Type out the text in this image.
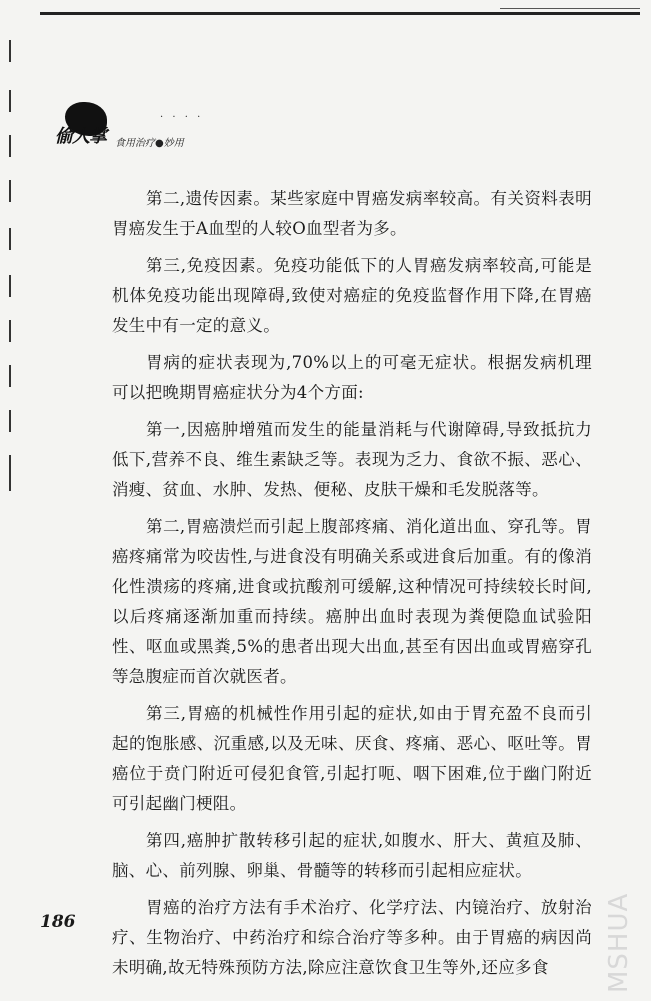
· · · ·
偷人掌 食用治疗●妙用

第二,遗传因素。某些家庭中胃癌发病率较高。有关资料表明胃癌发生于A血型的人较O血型者为多。

第三,免疫因素。免疫功能低下的人胃癌发病率较高,可能是机体免疫功能出现障碍,致使对癌症的免疫监督作用下降,在胃癌发生中有一定的意义。

胃病的症状表现为,70%以上的可毫无症状。根据发病机理可以把晚期胃癌症状分为4个方面:

第一,因癌肿增殖而发生的能量消耗与代谢障碍,导致抵抗力低下,营养不良、维生素缺乏等。表现为乏力、食欲不振、恶心、消瘦、贫血、水肿、发热、便秘、皮肤干燥和毛发脱落等。

第二,胃癌溃烂而引起上腹部疼痛、消化道出血、穿孔等。胃癌疼痛常为咬齿性,与进食没有明确关系或进食后加重。有的像消化性溃疡的疼痛,进食或抗酸剂可缓解,这种情况可持续较长时间,以后疼痛逐渐加重而持续。癌肿出血时表现为粪便隐血试验阳性、呕血或黑粪,5%的患者出现大出血,甚至有因出血或胃癌穿孔等急腹症而首次就医者。

第三,胃癌的机械性作用引起的症状,如由于胃充盈不良而引起的饱胀感、沉重感,以及无味、厌食、疼痛、恶心、呕吐等。胃癌位于贲门附近可侵犯食管,引起打呃、咽下困难,位于幽门附近可引起幽门梗阻。

第四,癌肿扩散转移引起的症状,如腹水、肝大、黄疸及肺、脑、心、前列腺、卵巢、骨髓等的转移而引起相应症状。

胃癌的治疗方法有手术治疗、化学疗法、内镜治疗、放射治疗、生物治疗、中药治疗和综合治疗等多种。由于胃癌的病因尚未明确,故无特殊预防方法,除应注意饮食卫生等外,还应多食

186	MSHUA
